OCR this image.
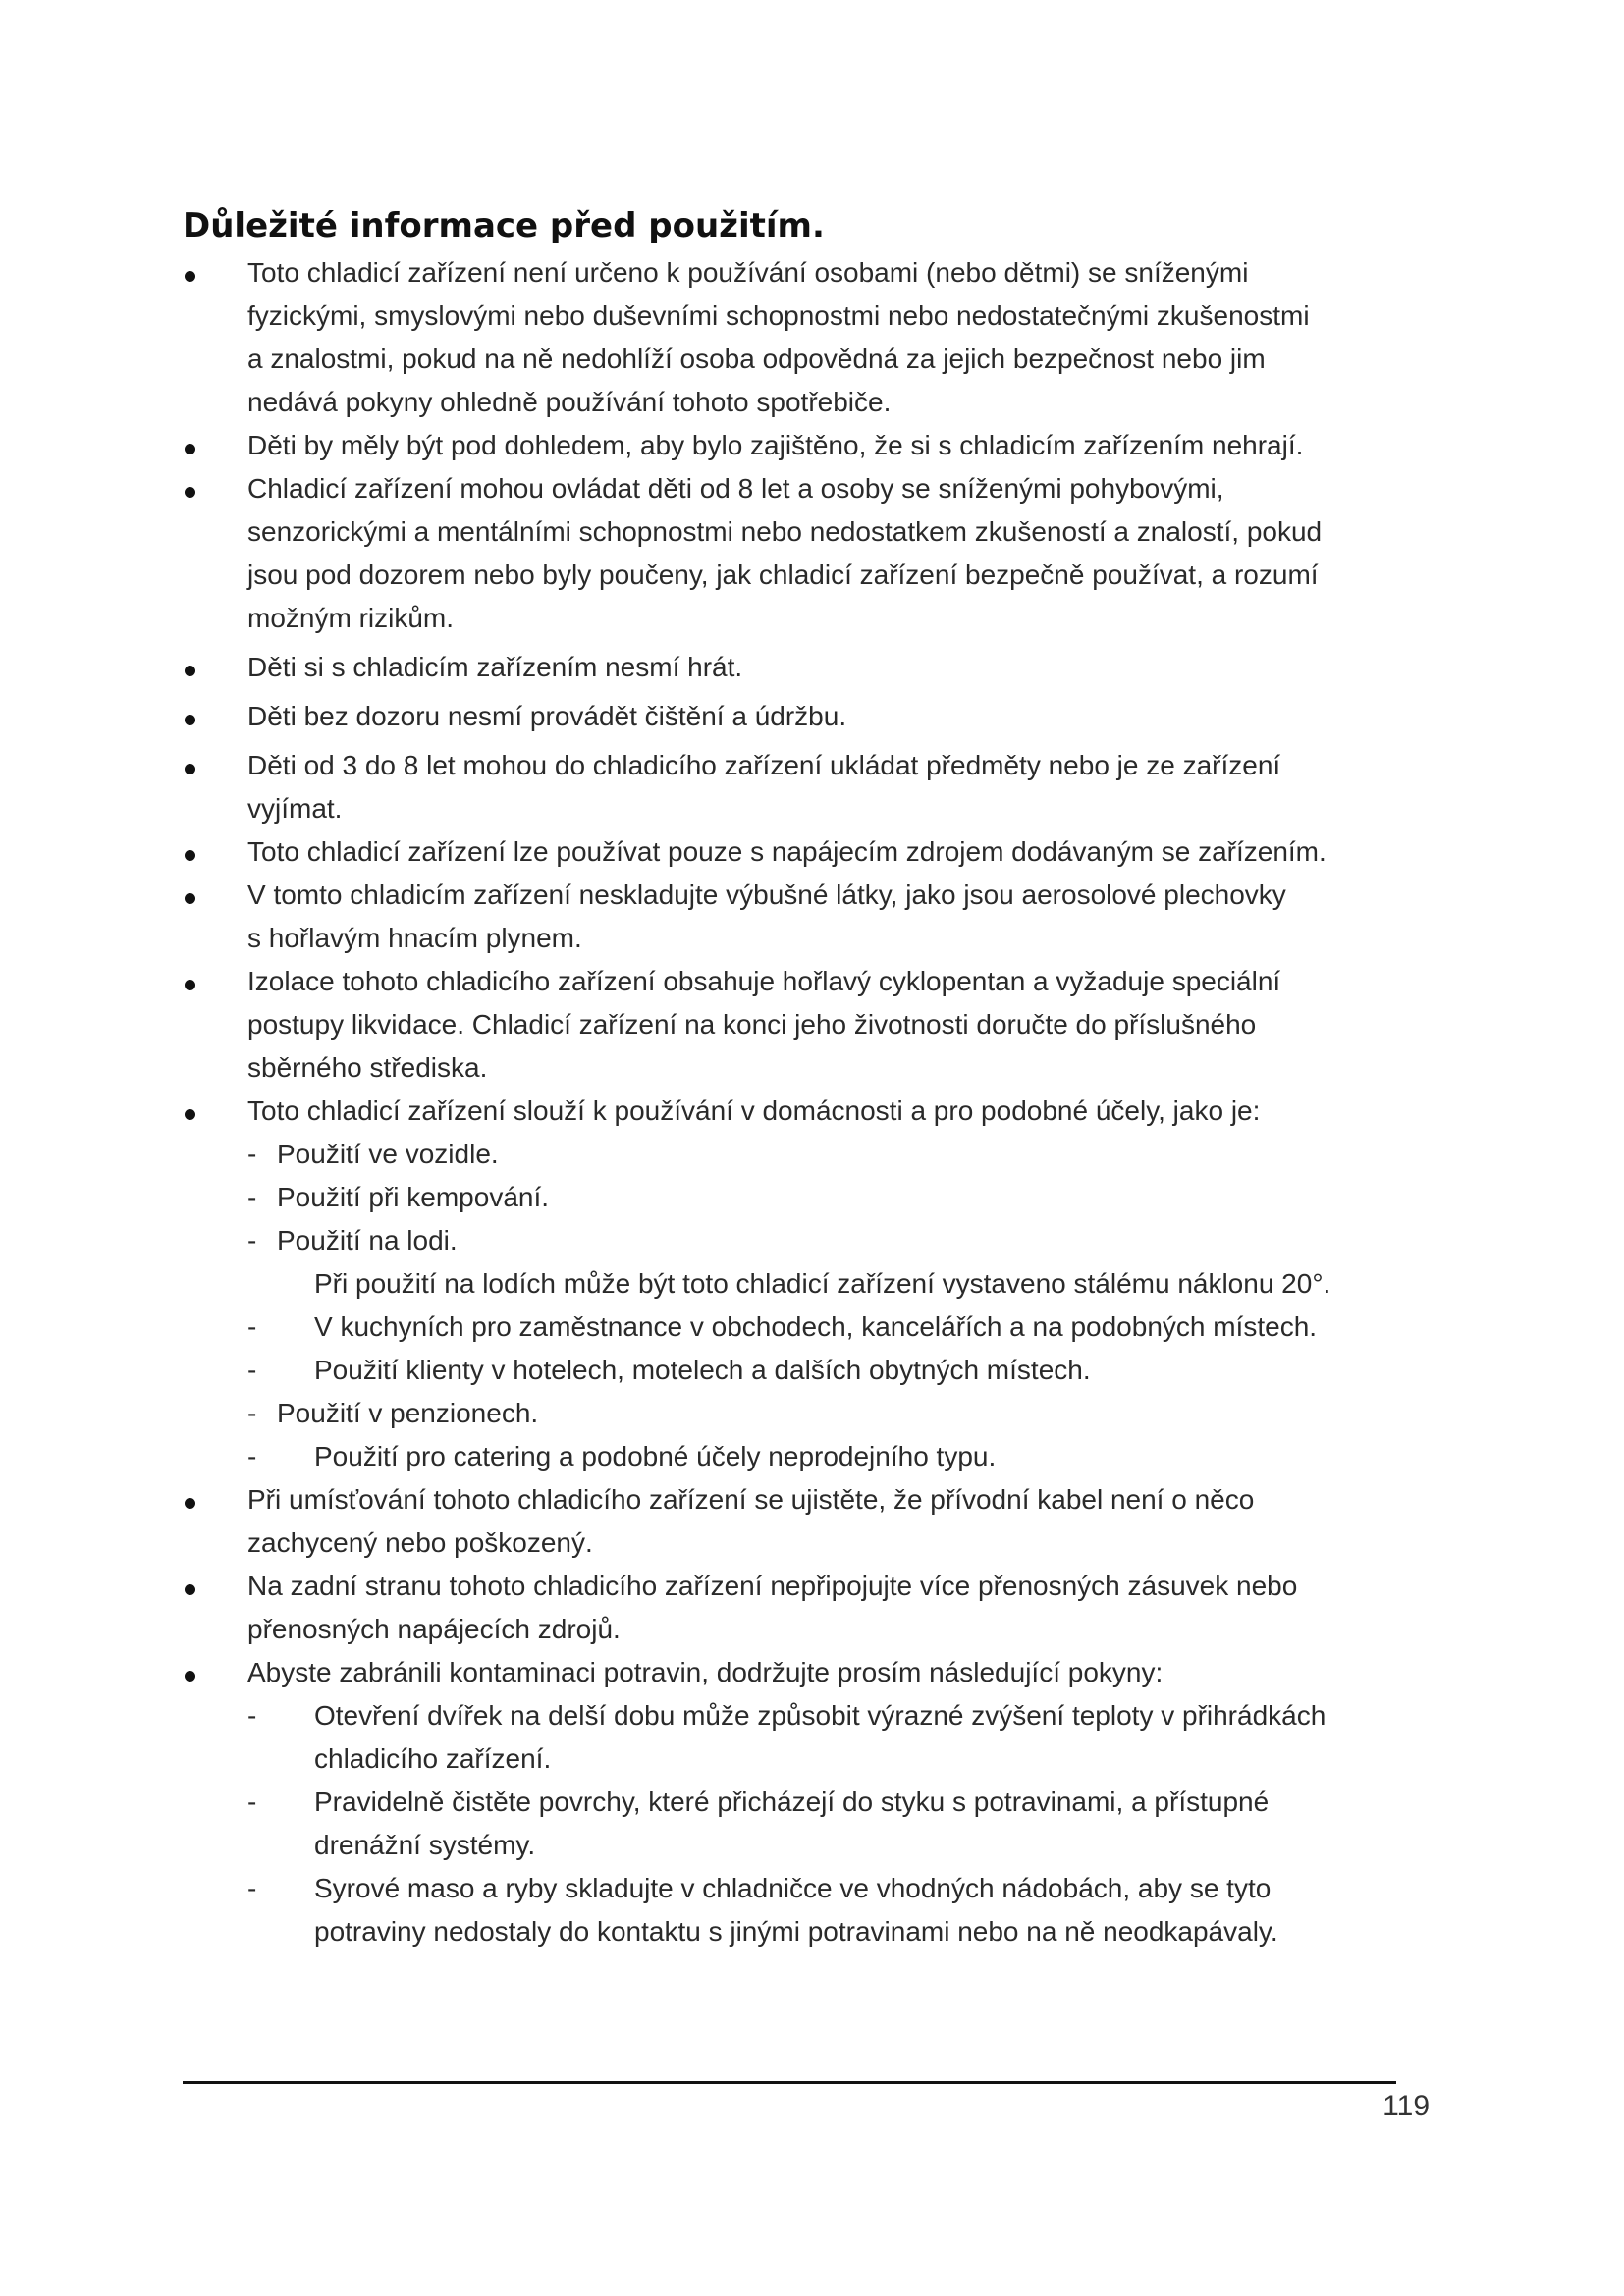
Důležité informace před použitím.
Toto chladicí zařízení není určeno k používání osobami (nebo dětmi) se sníženými
fyzickými, smyslovými nebo duševními schopnostmi nebo nedostatečnými zkušenostmi
a znalostmi, pokud na ně nedohlíží osoba odpovědná za jejich bezpečnost nebo jim
nedává pokyny ohledně používání tohoto spotřebiče.
Děti by měly být pod dohledem, aby bylo zajištěno, že si s chladicím zařízením nehrají.
Chladicí zařízení mohou ovládat děti od 8 let a osoby se sníženými pohybovými,
senzorickými a mentálními schopnostmi nebo nedostatkem zkušeností a znalostí, pokud
jsou pod dozorem nebo byly poučeny, jak chladicí zařízení bezpečně používat, a rozumí
možným rizikům.
Děti si s chladicím zařízením nesmí hrát.
Děti bez dozoru nesmí provádět čištění a údržbu.
Děti od 3 do 8 let mohou do chladicího zařízení ukládat předměty nebo je ze zařízení
vyjímat.
Toto chladicí zařízení lze používat pouze s napájecím zdrojem dodávaným se zařízením.
V tomto chladicím zařízení neskladujte výbušné látky, jako jsou aerosolové plechovky
s hořlavým hnacím plynem.
Izolace tohoto chladicího zařízení obsahuje hořlavý cyklopentan a vyžaduje speciální
postupy likvidace. Chladicí zařízení na konci jeho životnosti doručte do příslušného
sběrného střediska.
Toto chladicí zařízení slouží k používání v domácnosti a pro podobné účely, jako je:
- Použití ve vozidle.
- Použití při kempování.
- Použití na lodi.
Při použití na lodích může být toto chladicí zařízení vystaveno stálému náklonu 20°.
-	V kuchyních pro zaměstnance v obchodech, kancelářích a na podobných místech.
-	Použití klienty v hotelech, motelech a dalších obytných místech.
- Použití v penzionech.
-	Použití pro catering a podobné účely neprodejního typu.
Při umísťování tohoto chladicího zařízení se ujistěte, že přívodní kabel není o něco
zachycený nebo poškozený.
Na zadní stranu tohoto chladicího zařízení nepřipojujte více přenosných zásuvek nebo
přenosných napájecích zdrojů.
Abyste zabránili kontaminaci potravin, dodržujte prosím následující pokyny:
-	Otevření dvířek na delší dobu může způsobit výrazné zvýšení teploty v přihrádkách
chladicího zařízení.
-	Pravidelně čistěte povrchy, které přicházejí do styku s potravinami, a přístupné
drenážní systémy.
-	Syrové maso a ryby skladujte v chladničce ve vhodných nádobách, aby se tyto
potraviny nedostaly do kontaktu s jinými potravinami nebo na ně neodkapávaly.
119
